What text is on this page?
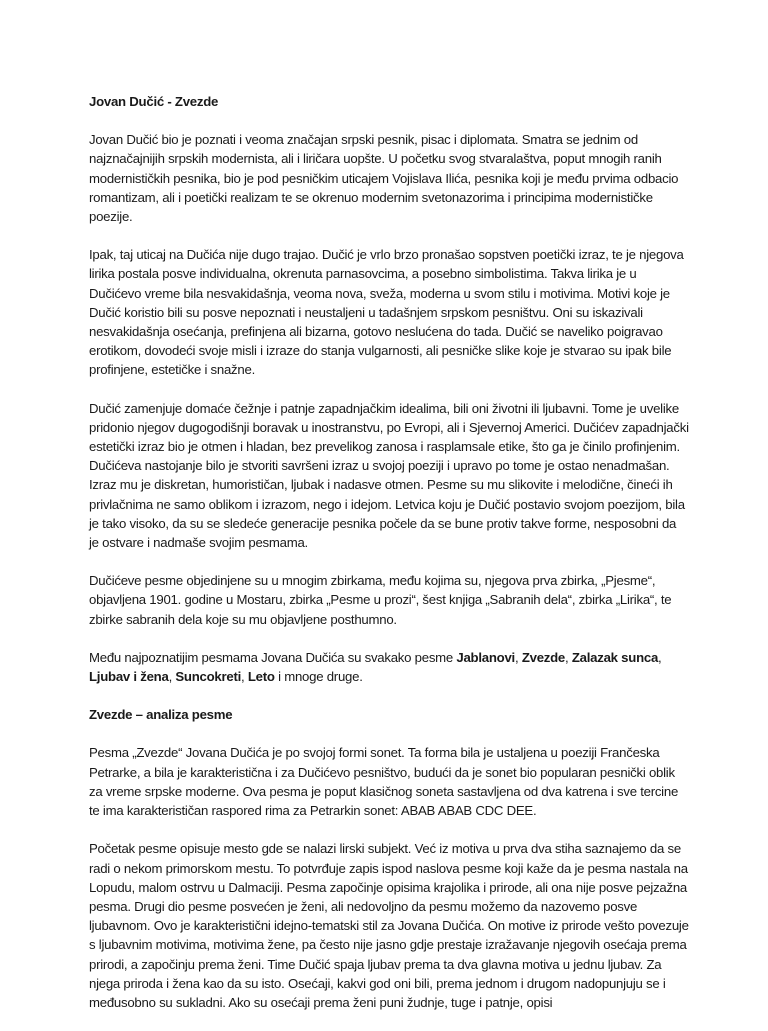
Jovan Dučić - Zvezde
Jovan Dučić bio je poznati i veoma značajan srpski pesnik, pisac i diplomata. Smatra se jednim od najznačajnijih srpskih modernista, ali i liričara uopšte. U početku svog stvaralaštva, poput mnogih ranih modernističkih pesnika, bio je pod pesničkim uticajem Vojislava Ilića, pesnika koji je među prvima odbacio romantizam, ali i poetički realizam te se okrenuo modernim svetonazorima i principima modernističke poezije.
Ipak, taj uticaj na Dučića nije dugo trajao. Dučić je vrlo brzo pronašao sopstven poetički izraz, te je njegova lirika postala posve individualna, okrenuta parnasovcima, a posebno simbolistima. Takva lirika je u Dučićevo vreme bila nesvakidašnja, veoma nova, sveža, moderna u svom stilu i motivima. Motivi koje je Dučić koristio bili su posve nepoznati i neustaljeni u tadašnjem srpskom pesništvu. Oni su iskazivali nesvakidašnja osećanja, prefinjena ali bizarna, gotovo neslućena do tada. Dučić se naveliko poigravao erotikom, dovodeći svoje misli i izraze do stanja vulgarnosti, ali pesničke slike koje je stvarao su ipak bile profinjene, estetičke i snažne.
Dučić zamenjuje domaće čežnje i patnje zapadnjačkim idealima, bili oni životni ili ljubavni. Tome je uvelike pridonio njegov dugogodišnji boravak u inostranstvu, po Evropi, ali i Sjevernoj Americi. Dučićev zapadnjački estetički izraz bio je otmen i hladan, bez prevelikog zanosa i rasplamsale etike, što ga je činilo profinjenim. Dučićeva nastojanje bilo je stvoriti savršeni izraz u svojoj poeziji i upravo po tome je ostao nenadmašan. Izraz mu je diskretan, humorističan, ljubak i nadasve otmen. Pesme su mu slikovite i melodične, čineći ih privlačnima ne samo oblikom i izrazom, nego i idejom. Letvica koju je Dučić postavio svojom poezijom, bila je tako visoko, da su se sledeće generacije pesnika počele da se bune protiv takve forme, nesposobni da je ostvare i nadmaše svojim pesmama.
Dučićeve pesme objedinjene su u mnogim zbirkama, među kojima su, njegova prva zbirka, „Pjesme“, objavljena 1901. godine u Mostaru, zbirka „Pesme u prozi“, šest knjiga „Sabranih dela“, zbirka „Lirika“, te zbirke sabranih dela koje su mu objavljene posthumno.
Među najpoznatijim pesmama Jovana Dučića su svakako pesme Jablanovi, Zvezde, Zalazak sunca, Ljubav i žena, Suncokreti, Leto i mnoge druge.
Zvezde – analiza pesme
Pesma „Zvezde“ Jovana Dučića je po svojoj formi sonet. Ta forma bila je ustaljena u poeziji Frančeska Petrarke, a bila je karakteristična i za Dučićevo pesništvo, budući da je sonet bio popularan pesnički oblik za vreme srpske moderne. Ova pesma je poput klasičnog soneta sastavljena od dva katrena i sve tercine te ima karakterističan raspored rima za Petrarkin sonet: ABAB ABAB CDC DEE.
Početak pesme opisuje mesto gde se nalazi lirski subjekt. Već iz motiva u prva dva stiha saznajemo da se radi o nekom primorskom mestu. To potvrđuje zapis ispod naslova pesme koji kaže da je pesma nastala na Lopudu, malom ostrvu u Dalmaciji. Pesma započinje opisima krajolika i prirode, ali ona nije posve pejzažna pesma. Drugi dio pesme posvećen je ženi, ali nedovoljno da pesmu možemo da nazovemo posve ljubavnom. Ovo je karakteristični idejno-tematski stil za Jovana Dučića. On motive iz prirode vešto povezuje s ljubavnim motivima, motivima žene, pa često nije jasno gdje prestaje izražavanje njegovih osećaja prema prirodi, a započinju prema ženi. Time Dučić spaja ljubav prema ta dva glavna motiva u jednu ljubav. Za njega priroda i žena kao da su isto. Osećaji, kakvi god oni bili, prema jednom i drugom nadopunjuju se i međusobno su sukladni. Ako su osećaji prema ženi puni žudnje, tuge i patnje, opisi
